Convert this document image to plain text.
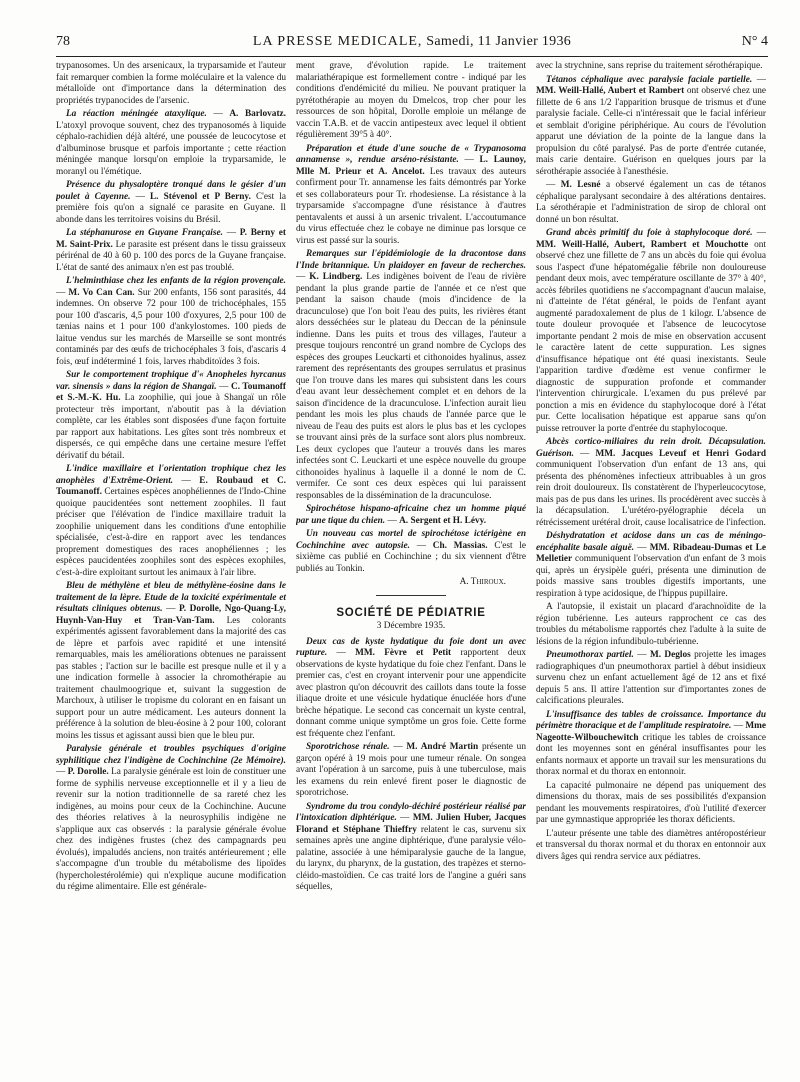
78	LA PRESSE MEDICALE, Samedi, 11 Janvier 1936	N° 4

trypanosomes. Un des arsenicaux, la tryparsamide et l'auteur fait remarquer combien la forme moléculaire et la valence du métalloïde ont d'importance dans la détermination des propriétés trypanocides de l'arsenic.

La réaction méningée ataxylique. — A. Barlovatz. L'atoxyl provoque souvent, chez des trypanosomés à liquide céphalo-rachidien déjà altéré, une poussée de leucocytose et d'albuminose brusque et parfois importante ; cette réaction méningée manque lorsqu'on emploie la tryparsamide, le moranyl ou l'émétique.

Présence du physaloptère tronqué dans le gésier d'un poulet à Cayenne. — L. Stévenol et P Berny. C'est la première fois qu'on a signalé ce parasite en Guyane. Il abonde dans les territoires voisins du Brésil.

La stéphanurose en Guyane Française. — P. Berny et M. Saint-Prix. Le parasite est présent dans le tissu graisseux périrénal de 40 à 60 p. 100 des porcs de la Guyane française. L'état de santé des animaux n'en est pas troublé.

L'helminthiase chez les enfants de la région provençale. — M. Vo Can Can. Sur 200 enfants, 156 sont parasités, 44 indemnes. On observe 72 pour 100 de trichocéphales, 155 pour 100 d'ascaris, 4,5 pour 100 d'oxyures, 2,5 pour 100 de tænias nains et 1 pour 100 d'ankylostomes. 100 pieds de laitue vendus sur les marchés de Marseille se sont montrés contaminés par des œufs de trichocéphales 3 fois, d'ascaris 4 fois, œuf indéterminé 1 fois, larves rhabditoïdes 3 fois.

Sur le comportement trophique d'« Anopheles hyrcanus var. sinensis » dans la région de Shangaï. — C. Toumanoff et S.-M.-K. Hu. La zoophilie, qui joue à Shangaï un rôle protecteur très important, n'aboutit pas à la déviation complète, car les étables sont disposées d'une façon fortuite par rapport aux habitations. Les gîtes sont très nombreux et dispersés, ce qui empêche dans une certaine mesure l'effet dérivatif du bétail.

L'indice maxillaire et l'orientation trophique chez les anophèles d'Extrême-Orient. — E. Roubaud et C. Toumanoff. Certaines espèces anophéliennes de l'Indo-Chine quoique paucidentées sont nettement zoophiles. Il faut préciser que l'élévation de l'indice maxillaire traduit la zoophilie uniquement dans les conditions d'une entophilie spécialisée, c'est-à-dire en rapport avec les tendances proprement domestiques des races anophéliennes ; les espèces paucidentées zoophiles sont des espèces exophiles, c'est-à-dire exploitant surtout les animaux à l'air libre.

Bleu de méthylène et bleu de méthylène-éosine dans le traitement de la lèpre. Etude de la toxicité expérimentale et résultats cliniques obtenus. — P. Dorolle, Ngo-Quang-Ly, Huynh-Van-Huy et Tran-Van-Tam. Les colorants expérimentés agissent favorablement dans la majorité des cas de lèpre et parfois avec rapidité et une intensité remarquables, mais les améliorations obtenues ne paraissent pas stables ; l'action sur le bacille est presque nulle et il y a une indication formelle à associer la chromothérapie au traitement chaulmoogrique et, suivant la suggestion de Marchoux, à utiliser le tropisme du colorant en en faisant un support pour un autre médicament. Les auteurs donnent la préférence à la solution de bleu-éosine à 2 pour 100, colorant moins les tissus et agissant aussi bien que le bleu pur.

Paralysie générale et troubles psychiques d'origine syphilitique chez l'indigène de Cochinchine (2e Mémoire). — P. Dorolle. La paralysie générale est loin de constituer une forme de syphilis nerveuse exceptionnelle et il y a lieu de revenir sur la notion traditionnelle de sa rareté chez les indigènes, au moins pour ceux de la Cochinchine. Aucune des théories relatives à la neurosyphilis indigène ne s'applique aux cas observés : la paralysie générale évolue chez des indigènes frustes (chez des campagnards peu évolués), impaludés anciens, non traités antérieurement ; elle s'accompagne d'un trouble du métabolisme des lipoïdes (hypercholestérolémie) qui n'explique aucune modification du régime alimentaire. Elle est générale-

ment grave, d'évolution rapide. Le traitement malariathérapique est formellement contre - indiqué par les conditions d'endémicité du milieu. Ne pouvant pratiquer la pyrétothérapie au moyen du Dmelcos, trop cher pour les ressources de son hôpital, Dorolle emploie un mélange de vaccin T.A.B. et de vaccin antipesteux avec lequel il obtient régulièrement 39°5 à 40°.

Préparation et étude d'une souche de « Trypanosoma annamense », rendue arséno-résistante. — L. Launoy, Mlle M. Prieur et A. Ancelot. Les travaux des auteurs confirment pour Tr. annamense les faits démontrés par Yorke et ses collaborateurs pour Tr. rhodesiense. La résistance à la tryparsamide s'accompagne d'une résistance à d'autres pentavalents et aussi à un arsenic trivalent. L'accoutumance du virus effectuée chez le cobaye ne diminue pas lorsque ce virus est passé sur la souris.

Remarques sur l'épidémiologie de la dracontose dans l'Inde britannique. Un plaidoyer en faveur de recherches. — K. Lindberg. Les indigènes boivent de l'eau de rivière pendant la plus grande partie de l'année et ce n'est que pendant la saison chaude (mois d'incidence de la dracunculose) que l'on boit l'eau des puits, les rivières étant alors desséchées sur le plateau du Deccan de la péninsule indienne. Dans les puits et trous des villages, l'auteur a presque toujours rencontré un grand nombre de Cyclops des espèces des groupes Leuckarti et cithonoides hyalinus, assez rarement des représentants des groupes serrulatus et prasinus que l'on trouve dans les mares qui subsistent dans les cours d'eau avant leur dessèchement complet et en dehors de la saison d'incidence de la dracunculose. L'infection aurait lieu pendant les mois les plus chauds de l'année parce que le niveau de l'eau des puits est alors le plus bas et les cyclopes se trouvant ainsi près de la surface sont alors plus nombreux. Les deux cyclopes que l'auteur a trouvés dans les mares infectées sont C. Leuckarti et une espèce nouvelle du groupe cithonoides hyalinus à laquelle il a donné le nom de C. vermifer. Ce sont ces deux espèces qui lui paraissent responsables de la dissémination de la dracunculose.

Spirochétose hispano-africaine chez un homme piqué par une tique du chien. — A. Sergent et H. Lévy.

Un nouveau cas mortel de spirochétose ictérigène en Cochinchine avec autopsie. — Ch. Massias. C'est le sixième cas publié en Cochinchine ; du six viennent d'être publiés au Tonkin.

A. Thiroux.
SOCIÉTÉ DE PÉDIATRIE
3 Décembre 1935.

Deux cas de kyste hydatique du foie dont un avec rupture. — MM. Fèvre et Petit rapportent deux observations de kyste hydatique du foie chez l'enfant. Dans le premier cas, c'est en croyant intervenir pour une appendicite avec plastron qu'on découvrit des caillots dans toute la fosse iliaque droite et une vésicule hydatique énucléée hors d'une brèche hépatique. Le second cas concernait un kyste central, donnant comme unique symptôme un gros foie. Cette forme est fréquente chez l'enfant.

Sporotrichose rénale. — M. André Martin présente un garçon opéré à 19 mois pour une tumeur rénale. On songea avant l'opération à un sarcome, puis à une tuberculose, mais les examens du rein enlevé firent poser le diagnostic de sporotrichose.

Syndrome du trou condylo-déchiré postérieur réalisé par l'intoxication diphtérique. — MM. Julien Huber, Jacques Florand et Stéphane Thieffry relatent le cas, survenu six semaines après une angine diphtérique, d'une paralysie vélo-palatine, associée à une hémiparalysie gauche de la langue, du larynx, du pharynx, de la gustation, des trapèzes et sterno-cléido-mastoïdien. Ce cas traité lors de l'angine a guéri sans séquelles,

avec la strychnine, sans reprise du traitement sérothérapique.

Tétanos céphalique avec paralysie faciale partielle. — MM. Weill-Hallé, Aubert et Rambert ont observé chez une fillette de 6 ans 1/2 l'apparition brusque de trismus et d'une paralysie faciale. Celle-ci n'intéressait que le facial inférieur et semblait d'origine périphérique. Au cours de l'évolution apparut une déviation de la pointe de la langue dans la propulsion du côté paralysé. Pas de porte d'entrée cutanée, mais carie dentaire. Guérison en quelques jours par la sérothérapie associée à l'anesthésie.

— M. Lesné a observé également un cas de tétanos céphalique paralysant secondaire à des altérations dentaires. La sérothérapie et l'administration de sirop de chloral ont donné un bon résultat.

Grand abcès primitif du foie à staphylocoque doré. — MM. Weill-Hallé, Aubert, Rambert et Mouchotte ont observé chez une fillette de 7 ans un abcès du foie qui évolua sous l'aspect d'une hépatomégalie fébrile non douloureuse pendant deux mois, avec température oscillante de 37° à 40°, accès fébriles quotidiens ne s'accompagnant d'aucun malaise, ni d'atteinte de l'état général, le poids de l'enfant ayant augmenté paradoxalement de plus de 1 kilogr. L'absence de toute douleur provoquée et l'absence de leucocytose importante pendant 2 mois de mise en observation accusent le caractère latent de cette suppuration. Les signes d'insuffisance hépatique ont été quasi inexistants. Seule l'apparition tardive d'œdème est venue confirmer le diagnostic de suppuration profonde et commander l'intervention chirurgicale. L'examen du pus prélevé par ponction a mis en évidence du staphylocoque doré à l'état pur. Cette localisation hépatique est apparue sans qu'on puisse retrouver la porte d'entrée du staphylocoque.

Abcès cortico-miliaires du rein droit. Décapsulation. Guérison. — MM. Jacques Leveuf et Henri Godard communiquent l'observation d'un enfant de 13 ans, qui présenta des phénomènes infectieux attribuables à un gros rein droit douloureux. Ils constatèrent de l'hyperleucocytose, mais pas de pus dans les urines. Ils procédèrent avec succès à la décapsulation. L'urétéro-pyélographie décela un rétrécissement urétéral droit, cause localisatrice de l'infection.

Déshydratation et acidose dans un cas de méningo-encéphalite basale aiguë. — MM. Ribadeau-Dumas et Le Melletier communiquent l'observation d'un enfant de 3 mois qui, après un érysipèle guéri, présenta une diminution de poids massive sans troubles digestifs importants, une respiration à type acidosique, de l'hippus pupillaire.

A l'autopsie, il existait un placard d'arachnoïdite de la région tubérienne. Les auteurs rapprochent ce cas des troubles du métabolisme rapportés chez l'adulte à la suite de lésions de la région infundibulo-tubérienne.

Pneumothorax partiel. — M. Deglos projette les images radiographiques d'un pneumothorax partiel à début insidieux survenu chez un enfant actuellement âgé de 12 ans et fixé depuis 5 ans. Il attire l'attention sur d'importantes zones de calcifications pleurales.

L'insuffisance des tables de croissance. Importance du périmètre thoracique et de l'amplitude respiratoire. — Mme Nageotte-Wilbouchewitch critique les tables de croissance dont les moyennes sont en général insuffisantes pour les enfants normaux et apporte un travail sur les mensurations du thorax normal et du thorax en entonnoir.

La capacité pulmonaire ne dépend pas uniquement des dimensions du thorax, mais de ses possibilités d'expansion pendant les mouvements respiratoires, d'où l'utilité d'exercer par une gymnastique appropriée les thorax déficients.

L'auteur présente une table des diamètres antéropostérieur et transversal du thorax normal et du thorax en entonnoir aux divers âges qui rendra service aux pédiatres.
